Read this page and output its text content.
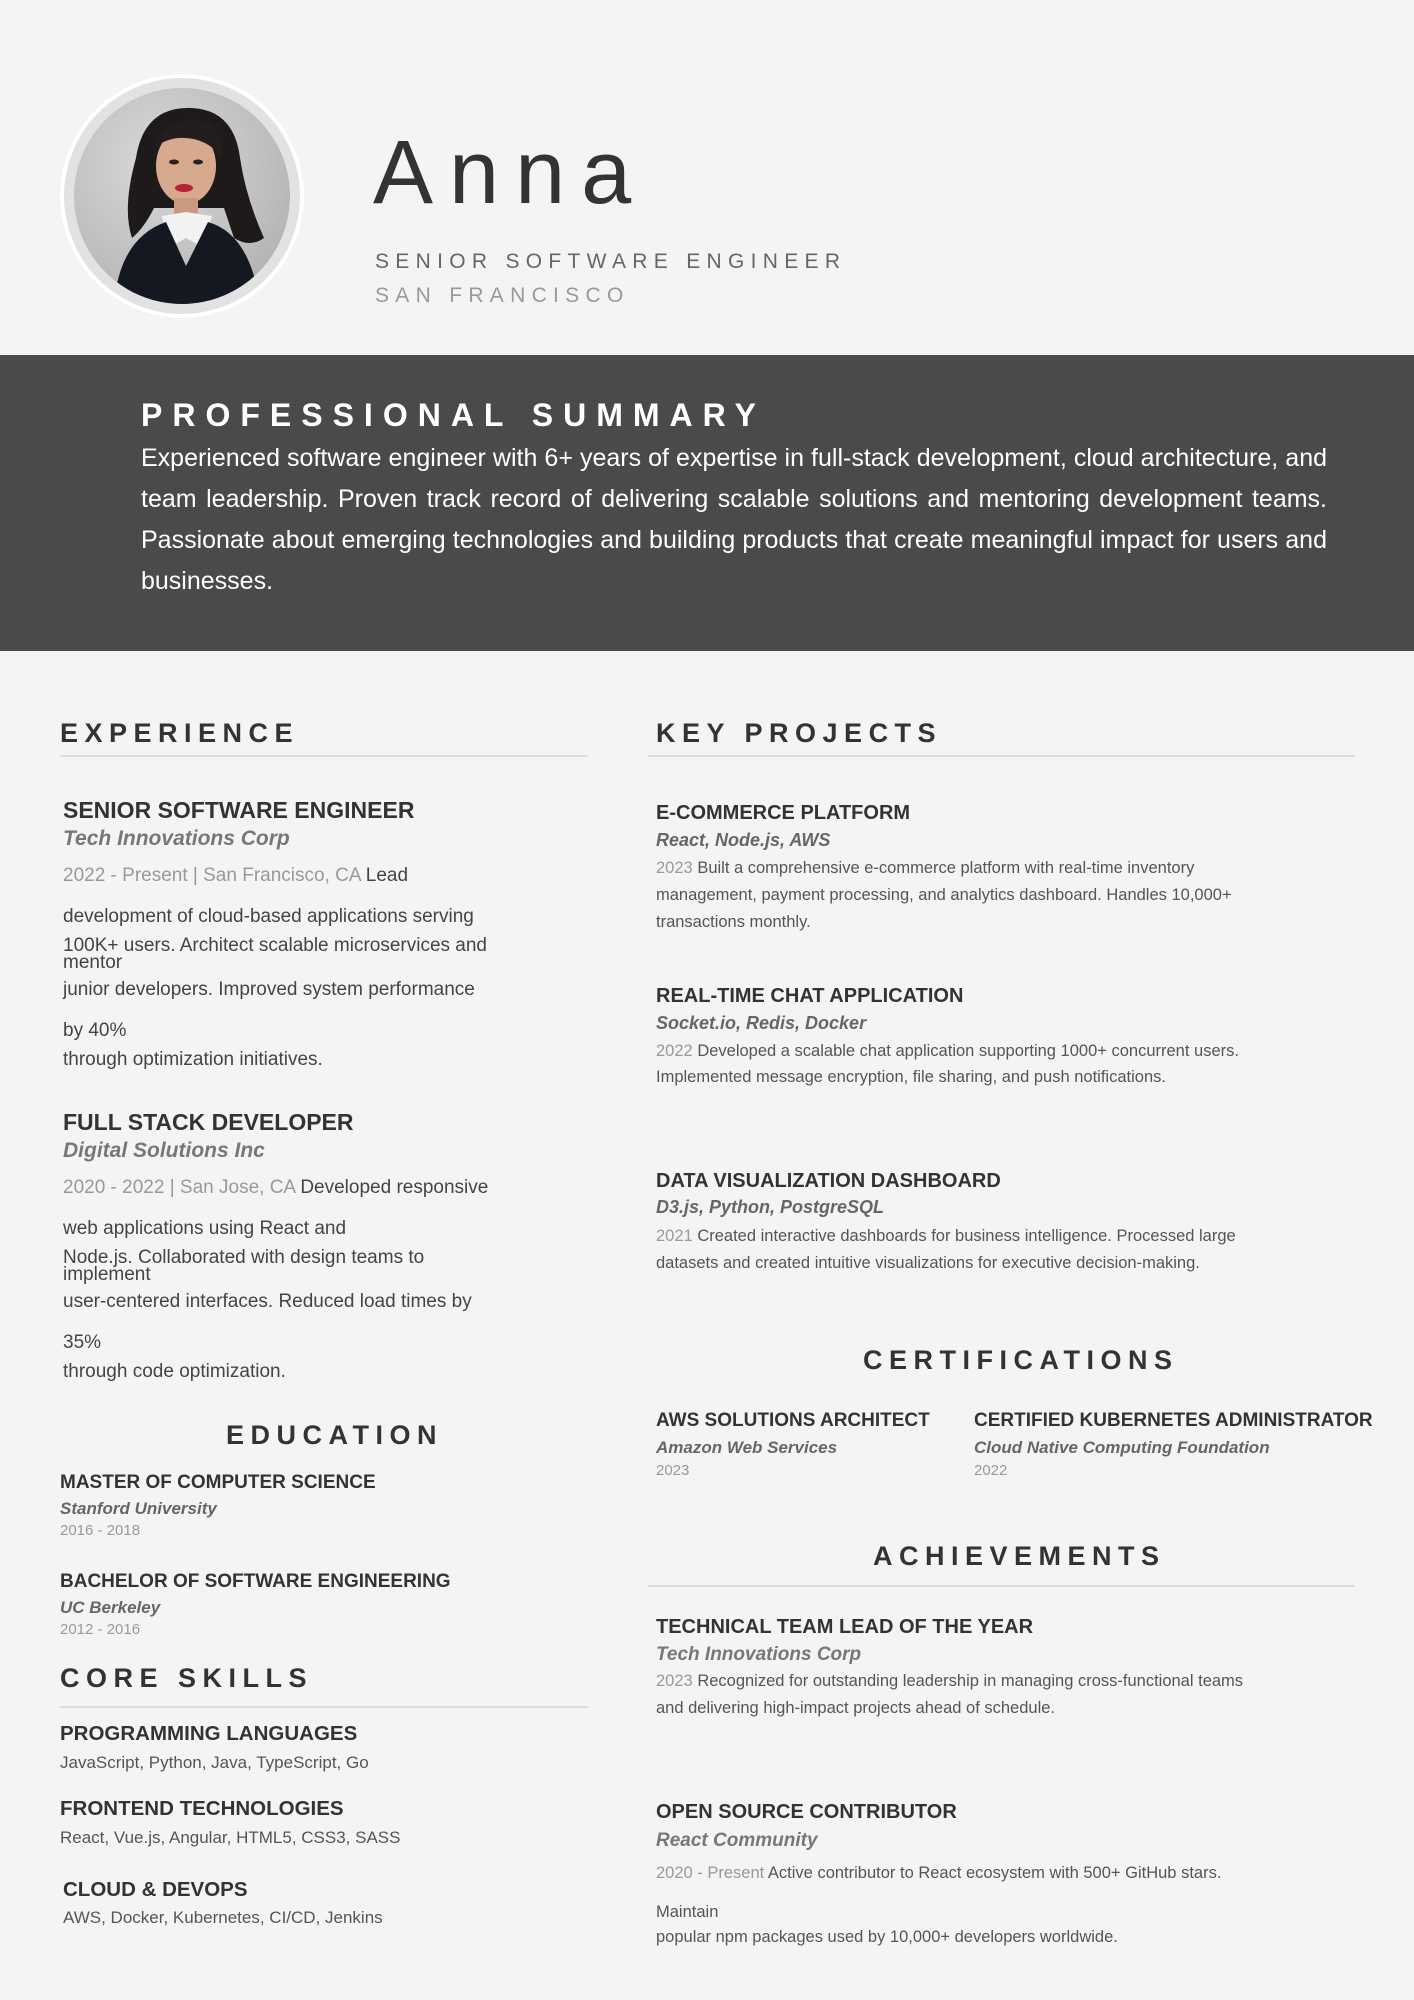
Anna
SENIOR SOFTWARE ENGINEER
SAN FRANCISCO
PROFESSIONAL SUMMARY
Experienced software engineer with 6+ years of expertise in full-stack development, cloud architecture, and team leadership. Proven track record of delivering scalable solutions and mentoring development teams. Passionate about emerging technologies and building products that create meaningful impact for users and businesses.
EXPERIENCE
SENIOR SOFTWARE ENGINEER
Tech Innovations Corp
2022 - Present | San Francisco, CA Lead
development of cloud-based applications serving
100K+ users. Architect scalable microservices and
mentor
junior developers. Improved system performance
by 40%
through optimization initiatives.
FULL STACK DEVELOPER
Digital Solutions Inc
2020 - 2022 | San Jose, CA Developed responsive
web applications using React and
Node.js. Collaborated with design teams to
implement
user-centered interfaces. Reduced load times by
35%
through code optimization.
EDUCATION
MASTER OF COMPUTER SCIENCE
Stanford University
2016 - 2018
BACHELOR OF SOFTWARE ENGINEERING
UC Berkeley
2012 - 2016
CORE SKILLS
PROGRAMMING LANGUAGES
JavaScript, Python, Java, TypeScript, Go
FRONTEND TECHNOLOGIES
React, Vue.js, Angular, HTML5, CSS3, SASS
CLOUD & DEVOPS
AWS, Docker, Kubernetes, CI/CD, Jenkins
KEY PROJECTS
E-COMMERCE PLATFORM
React, Node.js, AWS
2023 Built a comprehensive e-commerce platform with real-time inventory
management, payment processing, and analytics dashboard. Handles 10,000+
transactions monthly.
REAL-TIME CHAT APPLICATION
Socket.io, Redis, Docker
2022 Developed a scalable chat application supporting 1000+ concurrent users.
Implemented message encryption, file sharing, and push notifications.
DATA VISUALIZATION DASHBOARD
D3.js, Python, PostgreSQL
2021 Created interactive dashboards for business intelligence. Processed large
datasets and created intuitive visualizations for executive decision-making.
CERTIFICATIONS
AWS SOLUTIONS ARCHITECT
Amazon Web Services
2023
CERTIFIED KUBERNETES ADMINISTRATOR
Cloud Native Computing Foundation
2022
ACHIEVEMENTS
TECHNICAL TEAM LEAD OF THE YEAR
Tech Innovations Corp
2023 Recognized for outstanding leadership in managing cross-functional teams
and delivering high-impact projects ahead of schedule.
OPEN SOURCE CONTRIBUTOR
React Community
2020 - Present Active contributor to React ecosystem with 500+ GitHub stars.
Maintain
popular npm packages used by 10,000+ developers worldwide.
